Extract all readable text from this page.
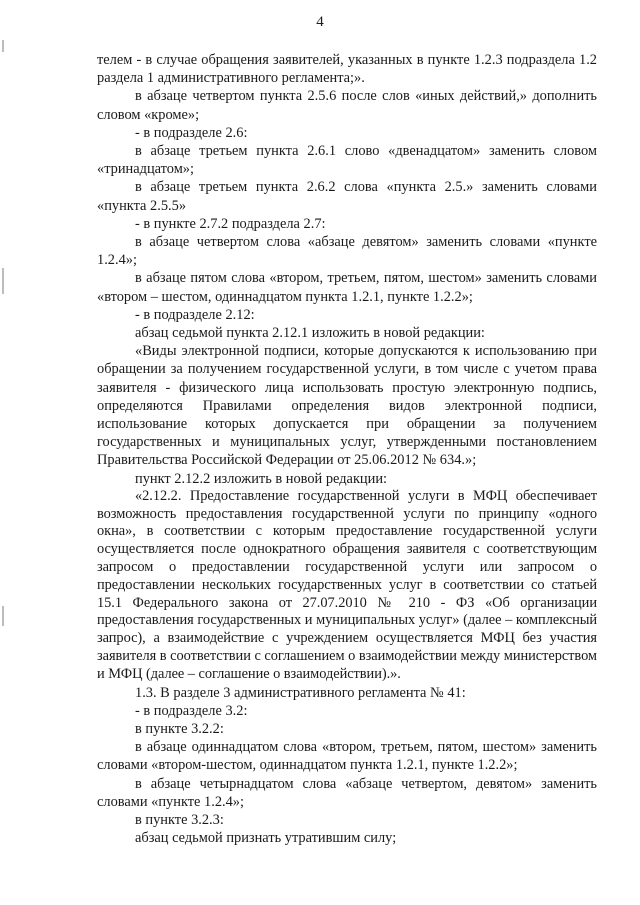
4

телем - в случае обращения заявителей, указанных в пункте 1.2.3 подраздела 1.2 раздела 1 административного регламента;».

в абзаце четвертом пункта 2.5.6 после слов «иных действий,» дополнить словом «кроме»;

- в подразделе 2.6:

в абзаце третьем пункта 2.6.1 слово «двенадцатом» заменить словом «тринадцатом»;

в абзаце третьем пункта 2.6.2 слова «пункта 2.5.» заменить словами «пункта 2.5.5»

- в пункте 2.7.2 подраздела 2.7:

в абзаце четвертом слова «абзаце девятом» заменить словами «пункте 1.2.4»;

в абзаце пятом слова «втором, третьем, пятом, шестом» заменить словами «втором – шестом, одиннадцатом пункта 1.2.1, пункте 1.2.2»;

- в подразделе 2.12:

абзац седьмой пункта 2.12.1 изложить в новой редакции:

«Виды электронной подписи, которые допускаются к использованию при обращении за получением государственной услуги, в том числе с учетом права заявителя - физического лица использовать простую электронную подпись, определяются Правилами определения видов электронной подписи, использование которых допускается при обращении за получением государственных и муниципальных услуг, утвержденными постановлением Правительства Российской Федерации от 25.06.2012 № 634.»;

пункт 2.12.2 изложить в новой редакции:

«2.12.2. Предоставление государственной услуги в МФЦ обеспечивает возможность предоставления государственной услуги по принципу «одного окна», в соответствии с которым предоставление государственной услуги осуществляется после однократного обращения заявителя с соответствующим запросом о предоставлении государственной услуги или запросом о предоставлении нескольких государственных услуг в соответствии со статьей 15.1 Федерального закона от 27.07.2010 № 210 - ФЗ «Об организации предоставления государственных и муниципальных услуг» (далее – комплексный запрос), а взаимодействие с учреждением осуществляется МФЦ без участия заявителя в соответствии с соглашением о взаимодействии между министерством и МФЦ (далее – соглашение о взаимодействии).».

1.3. В разделе 3 административного регламента № 41:

- в подразделе 3.2:

в пункте 3.2.2:

в абзаце одиннадцатом слова «втором, третьем, пятом, шестом» заменить словами «втором-шестом, одиннадцатом пункта 1.2.1, пункте 1.2.2»;

в абзаце четырнадцатом слова «абзаце четвертом, девятом» заменить словами «пункте 1.2.4»;

в пункте 3.2.3:

абзац седьмой признать утратившим силу;
